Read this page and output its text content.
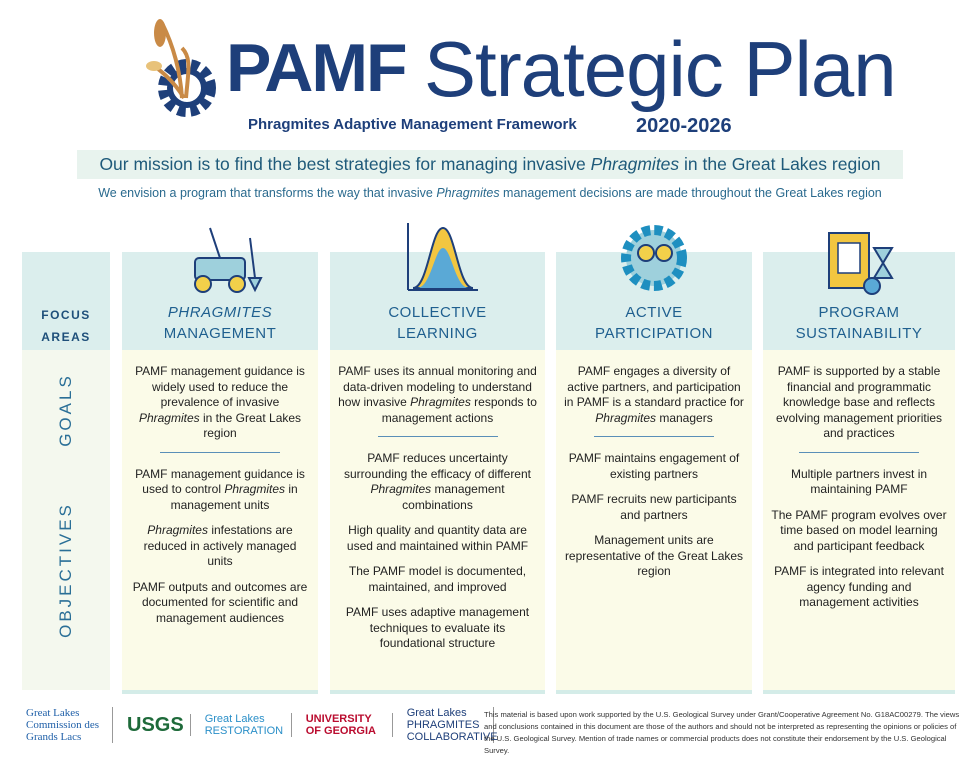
PAMF Strategic Plan
Phragmites Adaptive Management Framework	2020-2026
Our mission is to find the best strategies for managing invasive Phragmites in the Great Lakes region
We envision a program that transforms the way that invasive Phragmites management decisions are made throughout the Great Lakes region
FOCUS
AREAS
GOALS
OBJECTIVES
PHRAGMITES
MANAGEMENT
PAMF management guidance is widely used to reduce the prevalence of invasive Phragmites in the Great Lakes region
PAMF management guidance is used to control Phragmites in management units
Phragmites infestations are reduced in actively managed units
PAMF outputs and outcomes are documented for scientific and management audiences
COLLECTIVE
LEARNING
PAMF uses its annual monitoring and data-driven modeling to understand how invasive Phragmites responds to management actions
PAMF reduces uncertainty surrounding the efficacy of different Phragmites management combinations
High quality and quantity data are used and maintained within PAMF
The PAMF model is documented, maintained, and improved
PAMF uses adaptive management techniques to evaluate its foundational structure
ACTIVE
PARTICIPATION
PAMF engages a diversity of active partners, and participation in PAMF is a standard practice for Phragmites managers
PAMF maintains engagement of existing partners
PAMF recruits new participants and partners
Management units are representative of the Great Lakes region
PROGRAM
SUSTAINABILITY
PAMF is supported by a stable financial and programmatic knowledge base and reflects evolving management priorities and practices
Multiple partners invest in maintaining PAMF
The PAMF program evolves over time based on model learning and participant feedback
PAMF is integrated into relevant agency funding and management activities
Great Lakes Commission des Grands Lacs
USGS	Great Lakes RESTORATION
UNIVERSITY OF GEORGIA
Great Lakes PHRAGMITES COLLABORATIVE
This material is based upon work supported by the U.S. Geological Survey under Grant/Cooperative Agreement No. G18AC00279. The views and conclusions contained in this document are those of the authors and should not be interpreted as representing the opinions or policies of the U.S. Geological Survey. Mention of trade names or commercial products does not constitute their endorsement by the U.S. Geological Survey.
